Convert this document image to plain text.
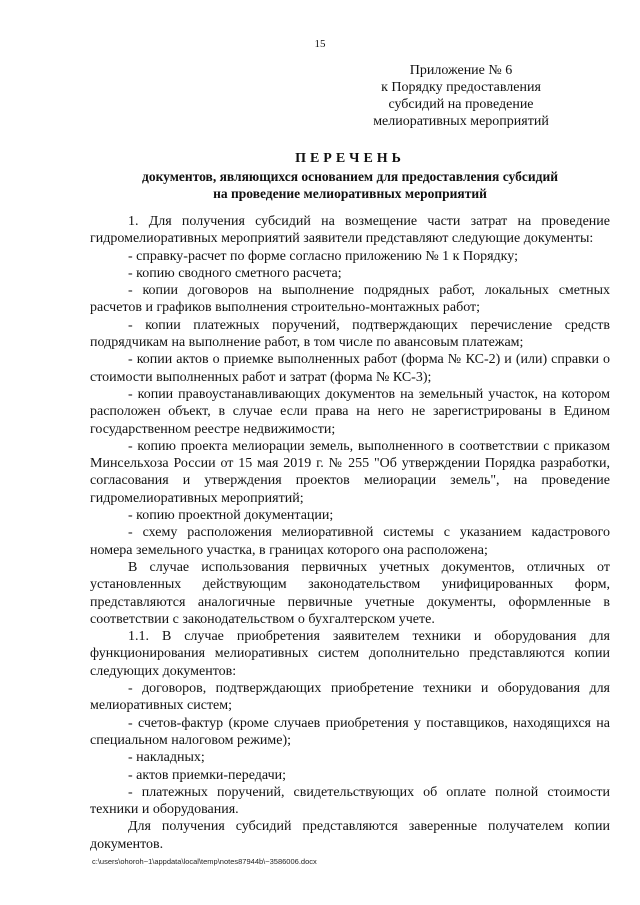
15
Приложение № 6
к Порядку предоставления
субсидий на проведение
мелиоративных мероприятий
ПЕРЕЧЕНЬ
документов, являющихся основанием для предоставления субсидий
на проведение мелиоративных мероприятий

1. Для получения субсидий на возмещение части затрат на проведение гидромелиоративных мероприятий заявители представляют следующие документы:

- справку-расчет по форме согласно приложению № 1 к Порядку;

- копию сводного сметного расчета;

- копии договоров на выполнение подрядных работ, локальных сметных расчетов и графиков выполнения строительно-монтажных работ;

- копии платежных поручений, подтверждающих перечисление средств подрядчикам на выполнение работ, в том числе по авансовым платежам;

- копии актов о приемке выполненных работ (форма № КС-2) и (или) справки о стоимости выполненных работ и затрат (форма № КС-3);

- копии правоустанавливающих документов на земельный участок, на котором расположен объект, в случае если права на него не зарегистрированы в Едином государственном реестре недвижимости;

- копию проекта мелиорации земель, выполненного в соответствии с приказом Минсельхоза России от 15 мая 2019 г. № 255 "Об утверждении Порядка разработки, согласования и утверждения проектов мелиорации земель", на проведение гидромелиоративных мероприятий;

- копию проектной документации;

- схему расположения мелиоративной системы с указанием кадастрового номера земельного участка, в границах которого она расположена;

В случае использования первичных учетных документов, отличных от установленных действующим законодательством унифицированных форм, представляются аналогичные первичные учетные документы, оформленные в соответствии с законодательством о бухгалтерском учете.

1.1. В случае приобретения заявителем техники и оборудования для функционирования мелиоративных систем дополнительно представляются копии следующих документов:

- договоров, подтверждающих приобретение техники и оборудования для мелиоративных систем;

- счетов-фактур (кроме случаев приобретения у поставщиков, находящихся на специальном налоговом режиме);

- накладных;

- актов приемки-передачи;

- платежных поручений, свидетельствующих об оплате полной стоимости техники и оборудования.

Для получения субсидий представляются заверенные получателем копии документов.

c:\users\ohoroh~1\appdata\local\temp\notes87944b\~3586006.docx
